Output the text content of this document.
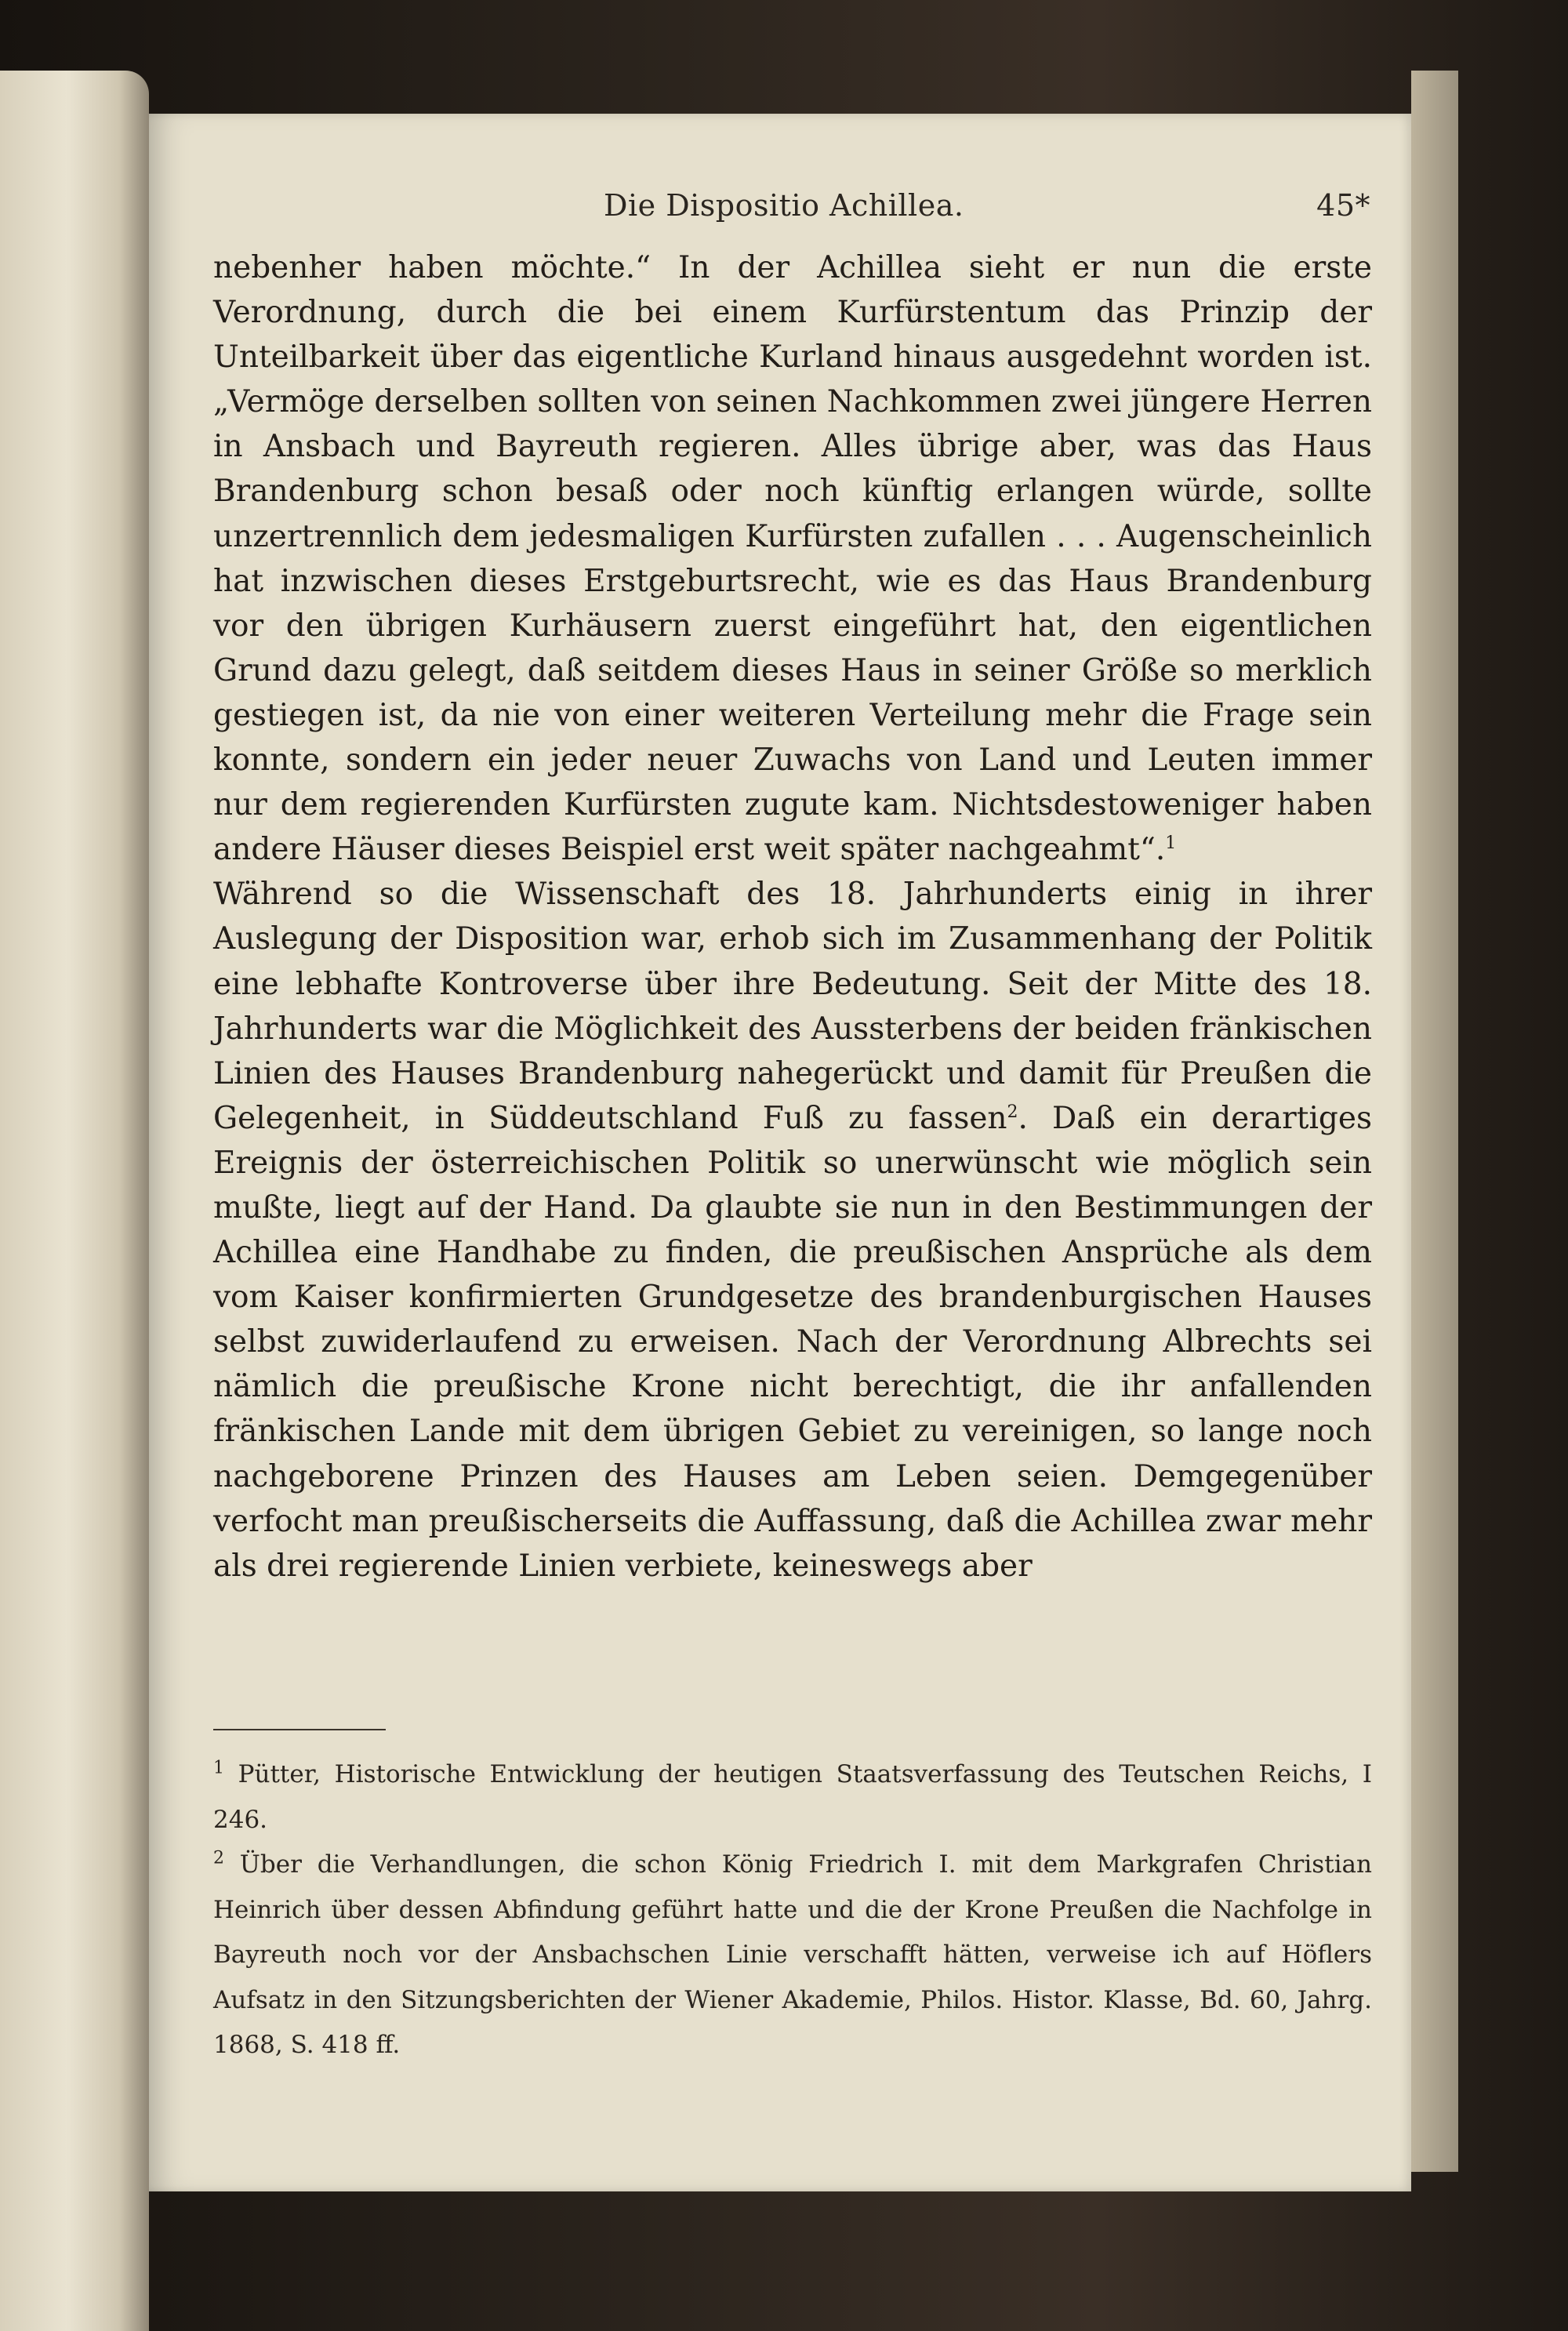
Die Dispositio Achillea.	45*

nebenher haben möchte.“ In der Achillea sieht er nun die erste Verordnung, durch die bei einem Kurfürstentum das Prinzip der Unteilbarkeit über das eigentliche Kurland hinaus ausgedehnt worden ist. „Vermöge derselben sollten von seinen Nachkommen zwei jüngere Herren in Ansbach und Bayreuth regieren. Alles übrige aber, was das Haus Brandenburg schon besaß oder noch künftig erlangen würde, sollte unzertrennlich dem jedesmaligen Kurfürsten zufallen . . . Augenscheinlich hat inzwischen dieses Erstgeburtsrecht, wie es das Haus Brandenburg vor den übrigen Kurhäusern zuerst eingeführt hat, den eigentlichen Grund dazu gelegt, daß seitdem dieses Haus in seiner Größe so merklich gestiegen ist, da nie von einer weiteren Verteilung mehr die Frage sein konnte, sondern ein jeder neuer Zuwachs von Land und Leuten immer nur dem regierenden Kurfürsten zugute kam. Nichtsdestoweniger haben andere Häuser dieses Beispiel erst weit später nachgeahmt“.$^1$

Während so die Wissenschaft des 18. Jahrhunderts einig in ihrer Auslegung der Disposition war, erhob sich im Zusammenhang der Politik eine lebhafte Kontroverse über ihre Bedeutung. Seit der Mitte des 18. Jahrhunderts war die Möglichkeit des Aussterbens der beiden fränkischen Linien des Hauses Brandenburg nahegerückt und damit für Preußen die Gelegenheit, in Süddeutschland Fuß zu fassen$^2$. Daß ein derartiges Ereignis der österreichischen Politik so unerwünscht wie möglich sein mußte, liegt auf der Hand. Da glaubte sie nun in den Bestimmungen der Achillea eine Handhabe zu finden, die preußischen Ansprüche als dem vom Kaiser konfirmierten Grundgesetze des brandenburgischen Hauses selbst zuwiderlaufend zu erweisen. Nach der Verordnung Albrechts sei nämlich die preußische Krone nicht berechtigt, die ihr anfallenden fränkischen Lande mit dem übrigen Gebiet zu vereinigen, so lange noch nachgeborene Prinzen des Hauses am Leben seien. Demgegenüber verfocht man preußischerseits die Auffassung, daß die Achillea zwar mehr als drei regierende Linien verbiete, keineswegs aber

$^1$ Pütter, Historische Entwicklung der heutigen Staatsverfassung des Teutschen Reichs, I 246.

$^2$ Über die Verhandlungen, die schon König Friedrich I. mit dem Markgrafen Christian Heinrich über dessen Abfindung geführt hatte und die der Krone Preußen die Nachfolge in Bayreuth noch vor der Ansbachschen Linie verschafft hätten, verweise ich auf Höflers Aufsatz in den Sitzungsberichten der Wiener Akademie, Philos. Histor. Klasse, Bd. 60, Jahrg. 1868, S. 418 ff.
